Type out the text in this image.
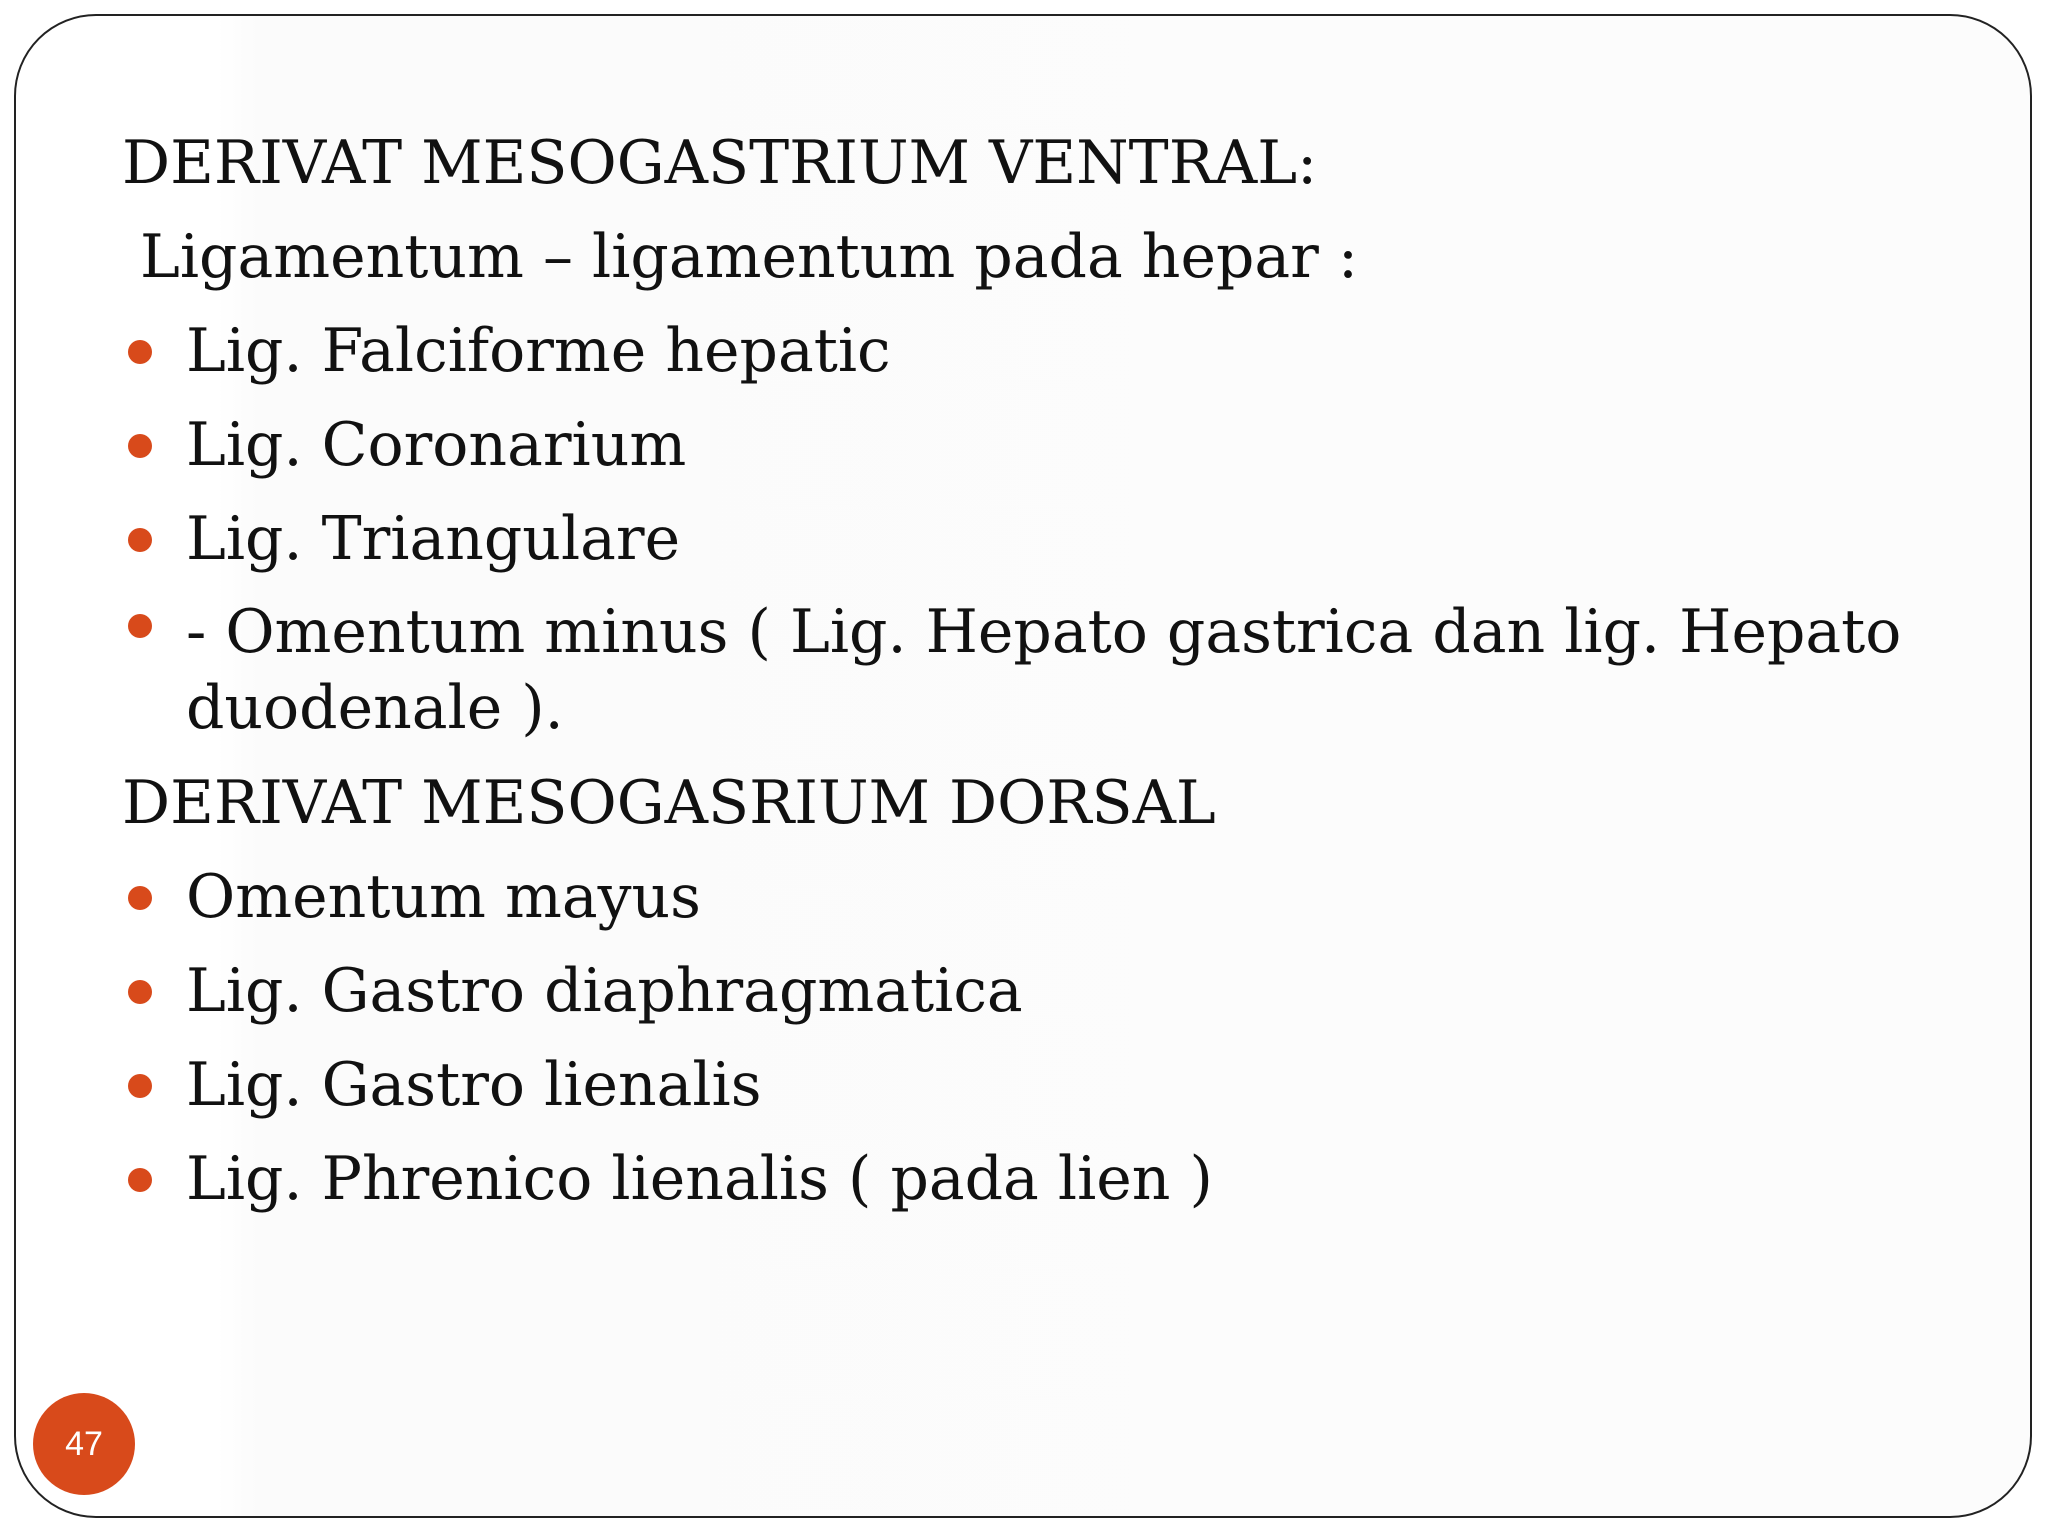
DERIVAT MESOGASTRIUM VENTRAL:
Ligamentum – ligamentum pada hepar :
Lig. Falciforme hepatic
Lig. Coronarium
Lig. Triangulare
- Omentum minus ( Lig. Hepato gastrica dan lig. Hepato duodenale ).
DERIVAT MESOGASRIUM DORSAL
Omentum mayus
Lig. Gastro diaphragmatica
Lig. Gastro lienalis
Lig. Phrenico lienalis ( pada lien )
47
